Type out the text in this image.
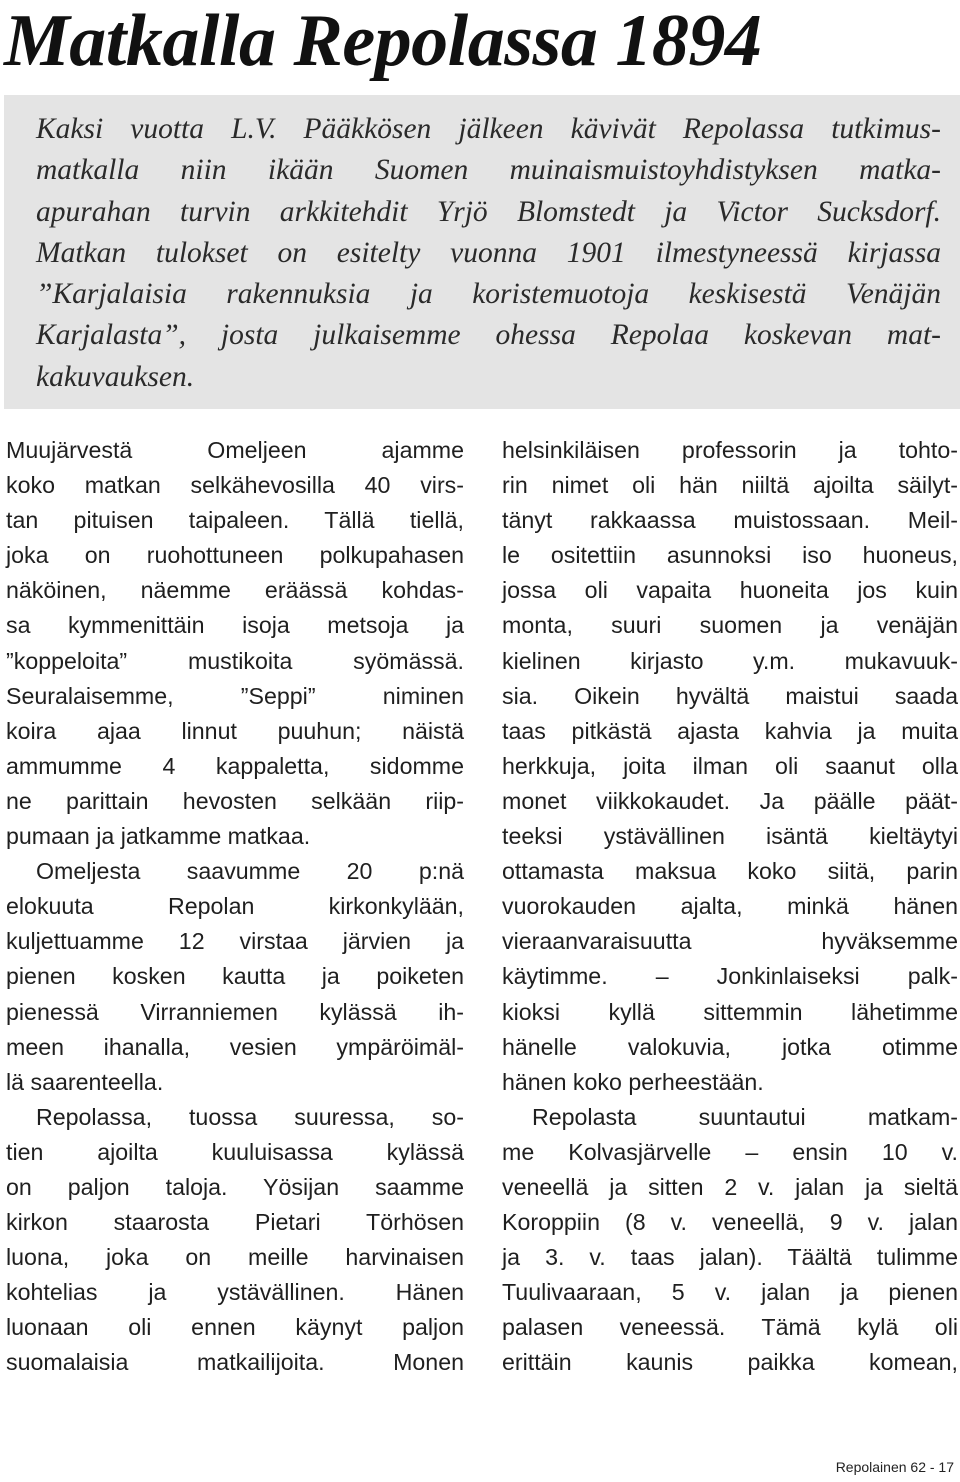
Matkalla Repolassa 1894
Kaksi vuotta L.V. Pääkkösen jälkeen kävivät Repolassa tutkimus-
matkalla niin ikään Suomen muinaismuistoyhdistyksen matka-
apurahan turvin arkkitehdit Yrjö Blomstedt ja Victor Sucksdorf.
Matkan tulokset on esitelty vuonna 1901 ilmestyneessä kirjassa
”Karjalaisia rakennuksia ja koristemuotoja keskisestä Venäjän
Karjalasta”, josta julkaisemme ohessa Repolaa koskevan mat-
kakuvauksen.
Muujärvestä Omeljeen ajamme
koko matkan selkähevosilla 40 virs-
tan pituisen taipaleen. Tällä tiellä,
joka on ruohottuneen polkupahasen
näköinen, näemme eräässä kohdas-
sa kymmenittäin isoja metsoja ja
”koppeloita” mustikoita syömässä.
Seuralaisemme, ”Seppi” niminen
koira ajaa linnut puuhun; näistä
ammumme 4 kappaletta, sidomme
ne parittain hevosten selkään riip-
pumaan ja jatkamme matkaa.
Omeljesta saavumme 20 p:nä
elokuuta Repolan kirkonkylään,
kuljettuamme 12 virstaa järvien ja
pienen kosken kautta ja poiketen
pienessä Virranniemen kylässä ih-
meen ihanalla, vesien ympäröimäl-
lä saarenteella.
Repolassa, tuossa suuressa, so-
tien ajoilta kuuluisassa kylässä
on paljon taloja. Yösijan saamme
kirkon staarosta Pietari Törhösen
luona, joka on meille harvinaisen
kohtelias ja ystävällinen. Hänen
luonaan oli ennen käynyt paljon
suomalaisia matkailijoita. Monen
helsinkiläisen professorin ja tohto-
rin nimet oli hän niiltä ajoilta säilyt-
tänyt rakkaassa muistossaan. Meil-
le ositettiin asunnoksi iso huoneus,
jossa oli vapaita huoneita jos kuin
monta, suuri suomen ja venäjän
kielinen kirjasto y.m. mukavuuk-
sia. Oikein hyvältä maistui saada
taas pitkästä ajasta kahvia ja muita
herkkuja, joita ilman oli saanut olla
monet viikkokaudet. Ja päälle päät-
teeksi ystävällinen isäntä kieltäytyi
ottamasta maksua koko siitä, parin
vuorokauden ajalta, minkä hänen
vieraanvaraisuutta hyväksemme
käytimme. – Jonkinlaiseksi palk-
kioksi kyllä sittemmin lähetimme
hänelle valokuvia, jotka otimme
hänen koko perheestään.
Repolasta suuntautui matkam-
me Kolvasjärvelle – ensin 10 v.
veneellä ja sitten 2 v. jalan ja sieltä
Koroppiin (8 v. veneellä, 9 v. jalan
ja 3. v. taas jalan). Täältä tulimme
Tuulivaaraan, 5 v. jalan ja pienen
palasen veneessä. Tämä kylä oli
erittäin kaunis paikka komean,
Repolainen 62 - 17
